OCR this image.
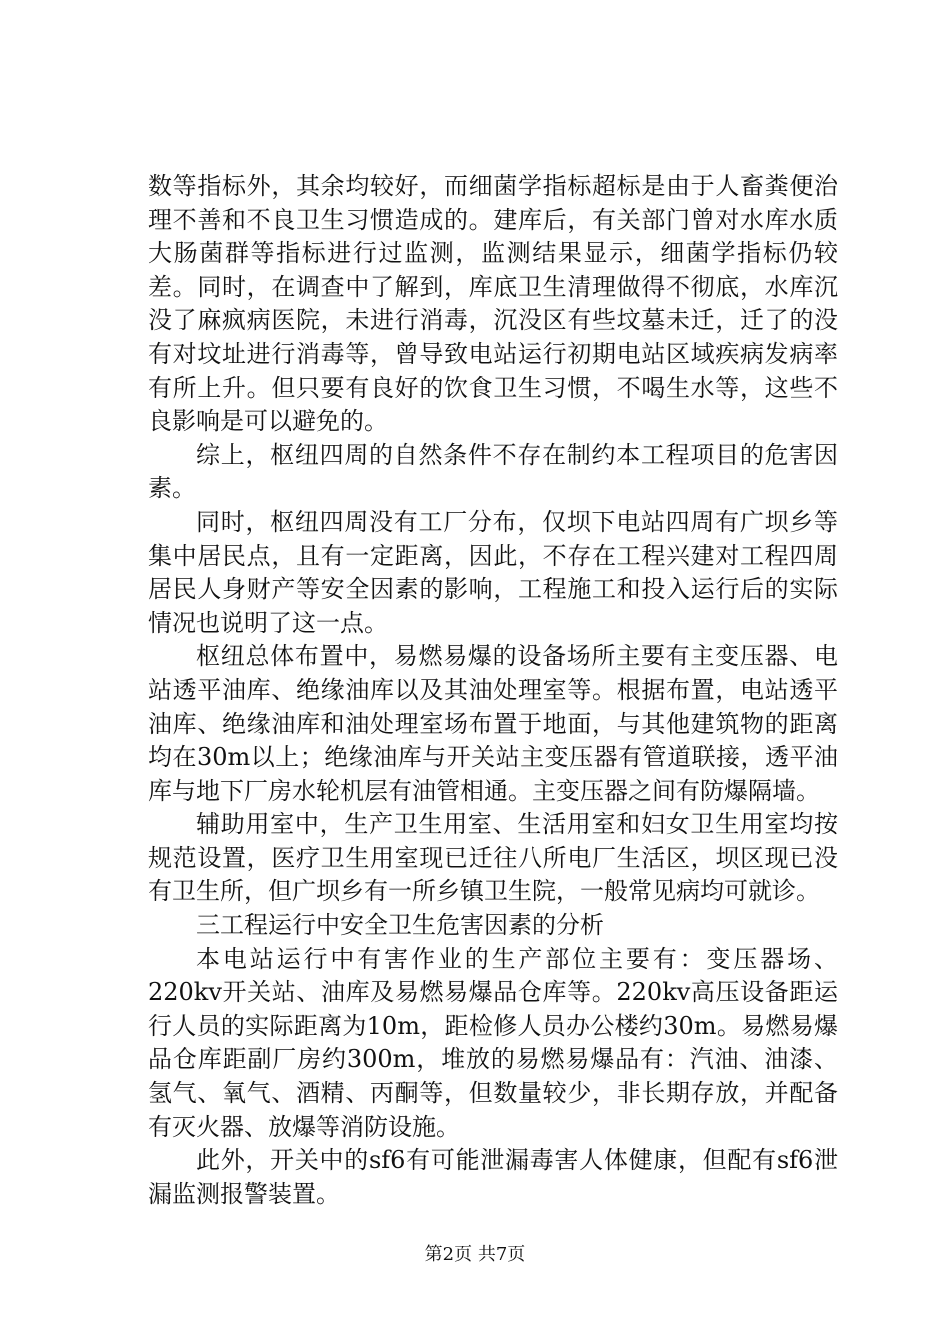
数等指标外，其余均较好，而细菌学指标超标是由于人畜粪便治理不善和不良卫生习惯造成的。建库后，有关部门曾对水库水质大肠菌群等指标进行过监测，监测结果显示，细菌学指标仍较差。同时，在调查中了解到，库底卫生清理做得不彻底，水库沉没了麻疯病医院，未进行消毒，沉没区有些坟墓未迁，迁了的没有对坟址进行消毒等，曾导致电站运行初期电站区域疾病发病率有所上升。但只要有良好的饮食卫生习惯，不喝生水等，这些不良影响是可以避免的。

综上，枢纽四周的自然条件不存在制约本工程项目的危害因素。

同时，枢纽四周没有工厂分布，仅坝下电站四周有广坝乡等集中居民点，且有一定距离，因此，不存在工程兴建对工程四周居民人身财产等安全因素的影响，工程施工和投入运行后的实际情况也说明了这一点。

枢纽总体布置中，易燃易爆的设备场所主要有主变压器、电站透平油库、绝缘油库以及其油处理室等。根据布置，电站透平油库、绝缘油库和油处理室场布置于地面，与其他建筑物的距离均在30m以上；绝缘油库与开关站主变压器有管道联接，透平油库与地下厂房水轮机层有油管相通。主变压器之间有防爆隔墙。

辅助用室中，生产卫生用室、生活用室和妇女卫生用室均按规范设置，医疗卫生用室现已迁往八所电厂生活区，坝区现已没有卫生所，但广坝乡有一所乡镇卫生院，一般常见病均可就诊。

三工程运行中安全卫生危害因素的分析

本电站运行中有害作业的生产部位主要有：变压器场、220kv开关站、油库及易燃易爆品仓库等。220kv高压设备距运行人员的实际距离为10m，距检修人员办公楼约30m。易燃易爆品仓库距副厂房约300m，堆放的易燃易爆品有：汽油、油漆、氢气、氧气、酒精、丙酮等，但数量较少，非长期存放，并配备有灭火器、放爆等消防设施。

此外，开关中的sf6有可能泄漏毒害人体健康，但配有sf6泄漏监测报警装置。

第2页 共7页
